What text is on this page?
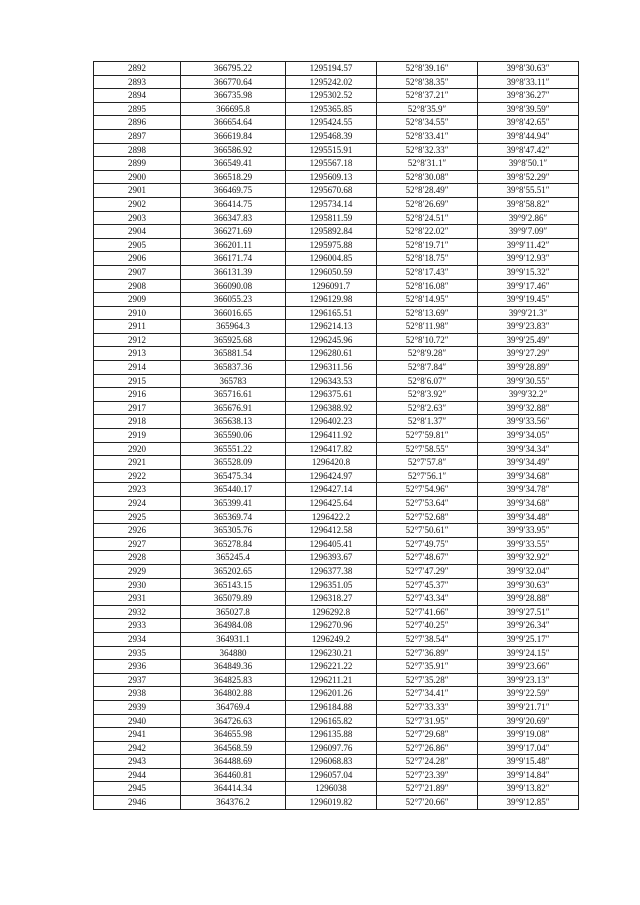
2892	366795.22	1295194.57	52°8′39.16″	39°8′30.63″
2893	366770.64	1295242.02	52°8′38.35″	39°8′33.11″
2894	366735.98	1295302.52	52°8′37.21″	39°8′36.27″
2895	366695.8	1295365.85	52°8′35.9″	39°8′39.59″
2896	366654.64	1295424.55	52°8′34.55″	39°8′42.65″
2897	366619.84	1295468.39	52°8′33.41″	39°8′44.94″
2898	366586.92	1295515.91	52°8′32.33″	39°8′47.42″
2899	366549.41	1295567.18	52°8′31.1″	39°8′50.1″
2900	366518.29	1295609.13	52°8′30.08″	39°8′52.29″
2901	366469.75	1295670.68	52°8′28.49″	39°8′55.51″
2902	366414.75	1295734.14	52°8′26.69″	39°8′58.82″
2903	366347.83	1295811.59	52°8′24.51″	39°9′2.86″
2904	366271.69	1295892.84	52°8′22.02″	39°9′7.09″
2905	366201.11	1295975.88	52°8′19.71″	39°9′11.42″
2906	366171.74	1296004.85	52°8′18.75″	39°9′12.93″
2907	366131.39	1296050.59	52°8′17.43″	39°9′15.32″
2908	366090.08	1296091.7	52°8′16.08″	39°9′17.46″
2909	366055.23	1296129.98	52°8′14.95″	39°9′19.45″
2910	366016.65	1296165.51	52°8′13.69″	39°9′21.3″
2911	365964.3	1296214.13	52°8′11.98″	39°9′23.83″
2912	365925.68	1296245.96	52°8′10.72″	39°9′25.49″
2913	365881.54	1296280.61	52°8′9.28″	39°9′27.29″
2914	365837.36	1296311.56	52°8′7.84″	39°9′28.89″
2915	365783	1296343.53	52°8′6.07″	39°9′30.55″
2916	365716.61	1296375.61	52°8′3.92″	39°9′32.2″
2917	365676.91	1296388.92	52°8′2.63″	39°9′32.88″
2918	365638.13	1296402.23	52°8′1.37″	39°9′33.56″
2919	365590.06	1296411.92	52°7′59.81″	39°9′34.05″
2920	365551.22	1296417.82	52°7′58.55″	39°9′34.34″
2921	365528.09	1296420.8	52°7′57.8″	39°9′34.49″
2922	365475.34	1296424.97	52°7′56.1″	39°9′34.68″
2923	365440.17	1296427.14	52°7′54.96″	39°9′34.78″
2924	365399.41	1296425.64	52°7′53.64″	39°9′34.68″
2925	365369.74	1296422.2	52°7′52.68″	39°9′34.48″
2926	365305.76	1296412.58	52°7′50.61″	39°9′33.95″
2927	365278.84	1296405.41	52°7′49.75″	39°9′33.55″
2928	365245.4	1296393.67	52°7′48.67″	39°9′32.92″
2929	365202.65	1296377.38	52°7′47.29″	39°9′32.04″
2930	365143.15	1296351.05	52°7′45.37″	39°9′30.63″
2931	365079.89	1296318.27	52°7′43.34″	39°9′28.88″
2932	365027.8	1296292.8	52°7′41.66″	39°9′27.51″
2933	364984.08	1296270.96	52°7′40.25″	39°9′26.34″
2934	364931.1	1296249.2	52°7′38.54″	39°9′25.17″
2935	364880	1296230.21	52°7′36.89″	39°9′24.15″
2936	364849.36	1296221.22	52°7′35.91″	39°9′23.66″
2937	364825.83	1296211.21	52°7′35.28″	39°9′23.13″
2938	364802.88	1296201.26	52°7′34.41″	39°9′22.59″
2939	364769.4	1296184.88	52°7′33.33″	39°9′21.71″
2940	364726.63	1296165.82	52°7′31.95″	39°9′20.69″
2941	364655.98	1296135.88	52°7′29.68″	39°9′19.08″
2942	364568.59	1296097.76	52°7′26.86″	39°9′17.04″
2943	364488.69	1296068.83	52°7′24.28″	39°9′15.48″
2944	364460.81	1296057.04	52°7′23.39″	39°9′14.84″
2945	364414.34	1296038	52°7′21.89″	39°9′13.82″
2946	364376.2	1296019.82	52°7′20.66″	39°9′12.85″
